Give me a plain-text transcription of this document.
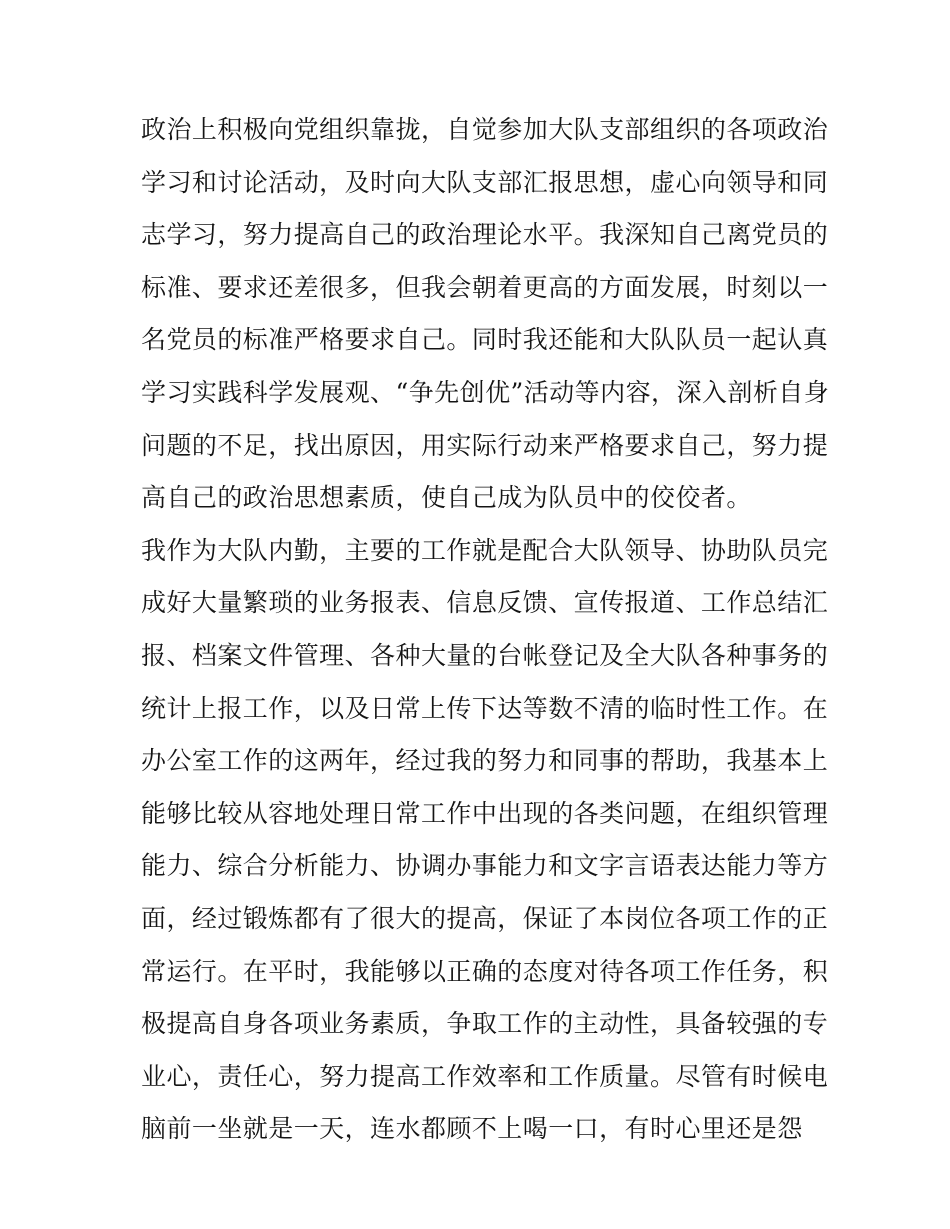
政治上积极向党组织靠拢，自觉参加大队支部组织的各项政治
学习和讨论活动，及时向大队支部汇报思想，虚心向领导和同
志学习，努力提高自己的政治理论水平。我深知自己离党员的
标准、要求还差很多，但我会朝着更高的方面发展，时刻以一
名党员的标准严格要求自己。同时我还能和大队队员一起认真
学习实践科学发展观、“争先创优”活动等内容，深入剖析自身
问题的不足，找出原因，用实际行动来严格要求自己，努力提
高自己的政治思想素质，使自己成为队员中的佼佼者。
我作为大队内勤，主要的工作就是配合大队领导、协助队员完
成好大量繁琐的业务报表、信息反馈、宣传报道、工作总结汇
报、档案文件管理、各种大量的台帐登记及全大队各种事务的
统计上报工作，以及日常上传下达等数不清的临时性工作。在
办公室工作的这两年，经过我的努力和同事的帮助，我基本上
能够比较从容地处理日常工作中出现的各类问题，在组织管理
能力、综合分析能力、协调办事能力和文字言语表达能力等方
面，经过锻炼都有了很大的提高，保证了本岗位各项工作的正
常运行。在平时，我能够以正确的态度对待各项工作任务，积
极提高自身各项业务素质，争取工作的主动性，具备较强的专
业心，责任心，努力提高工作效率和工作质量。尽管有时候电
脑前一坐就是一天，连水都顾不上喝一口，有时心里还是怨
